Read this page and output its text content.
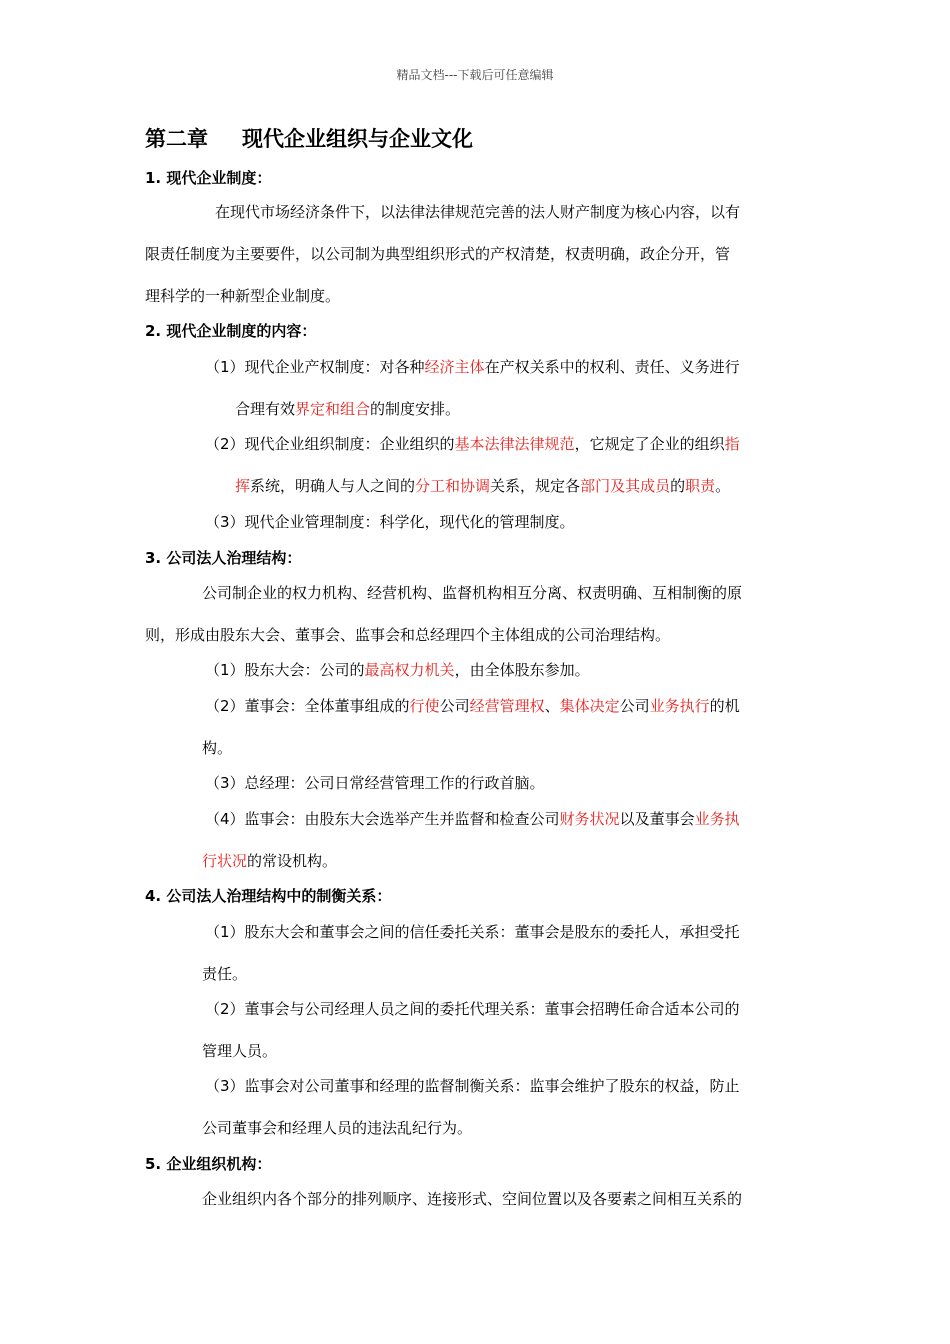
精品文档---下载后可任意编辑
第二章 现代企业组织与企业文化
1. 现代企业制度：
在现代市场经济条件下，以法律法律规范完善的法人财产制度为核心内容，以有
限责任制度为主要要件，以公司制为典型组织形式的产权清楚，权责明确，政企分开，管
理科学的一种新型企业制度。
2. 现代企业制度的内容：
（1）现代企业产权制度：对各种经济主体在产权关系中的权利、责任、义务进行
合理有效界定和组合的制度安排。
（2）现代企业组织制度：企业组织的基本法律法律规范，它规定了企业的组织指
挥系统，明确人与人之间的分工和协调关系，规定各部门及其成员的职责。
（3）现代企业管理制度：科学化，现代化的管理制度。
3. 公司法人治理结构：
公司制企业的权力机构、经营机构、监督机构相互分离、权责明确、互相制衡的原
则，形成由股东大会、董事会、监事会和总经理四个主体组成的公司治理结构。
（1）股东大会：公司的最高权力机关，由全体股东参加。
（2）董事会：全体董事组成的行使公司经营管理权、集体决定公司业务执行的机
构。
（3）总经理：公司日常经营管理工作的行政首脑。
（4）监事会：由股东大会选举产生并监督和检查公司财务状况以及董事会业务执
行状况的常设机构。
4. 公司法人治理结构中的制衡关系：
（1）股东大会和董事会之间的信任委托关系：董事会是股东的委托人，承担受托
责任。
（2）董事会与公司经理人员之间的委托代理关系：董事会招聘任命合适本公司的
管理人员。
（3）监事会对公司董事和经理的监督制衡关系：监事会维护了股东的权益，防止
公司董事会和经理人员的违法乱纪行为。
5. 企业组织机构：
企业组织内各个部分的排列顺序、连接形式、空间位置以及各要素之间相互关系的
